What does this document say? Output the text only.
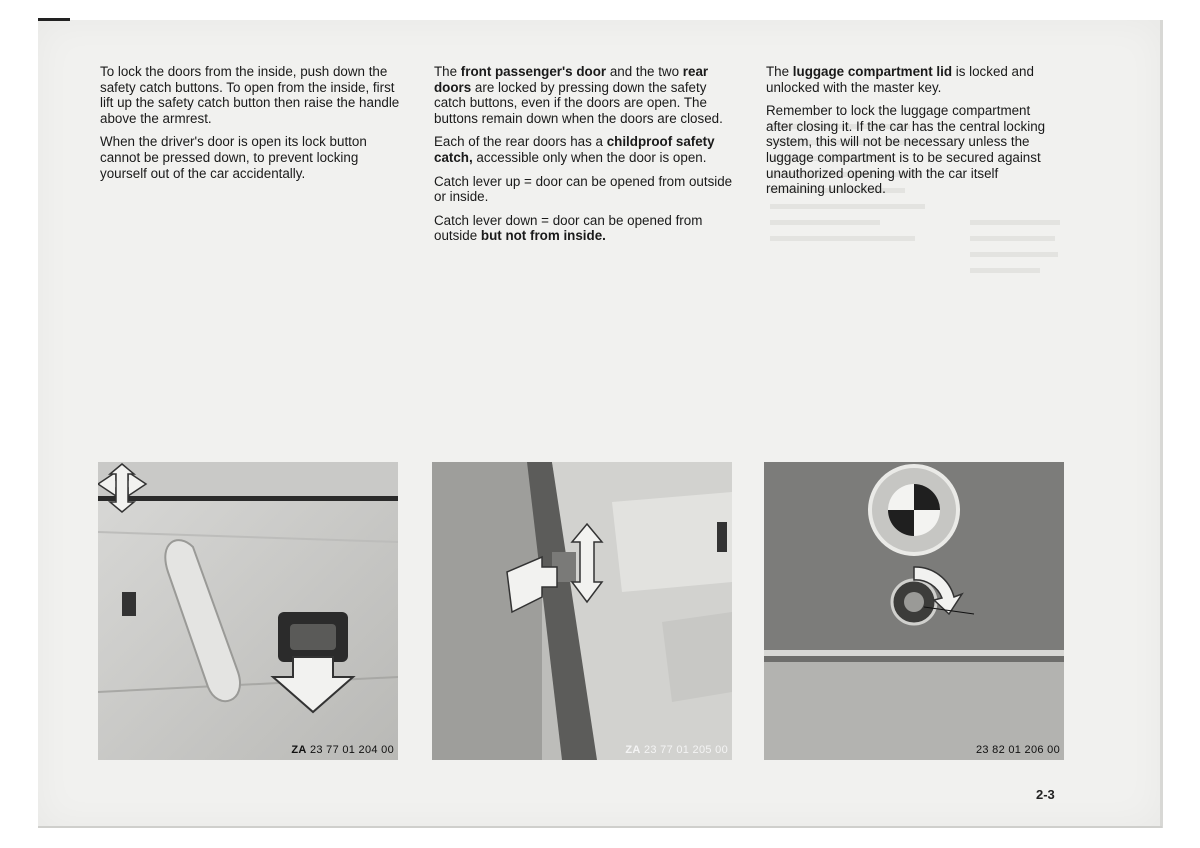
To lock the doors from the inside, push down the safety catch buttons. To open from the inside, first lift up the safety catch button then raise the handle above the armrest.

When the driver's door is open its lock button cannot be pressed down, to prevent locking yourself out of the car accidentally.

The front passenger's door and the two rear doors are locked by pressing down the safety catch buttons, even if the doors are open. The buttons remain down when the doors are closed.

Each of the rear doors has a childproof safety catch, accessible only when the door is open.

Catch lever up = door can be opened from outside or inside.

Catch lever down = door can be opened from outside but not from inside.

The luggage compartment lid is locked and unlocked with the master key.

Remember to lock the luggage compartment after closing it. If the car has the central locking system, this will not be necessary unless the luggage compartment is to be secured against unauthorized opening with the car itself remaining unlocked.

ZA 23 77 01 204 00	ZA 23 77 01 205 00	23 82 01 206 00
2-3
